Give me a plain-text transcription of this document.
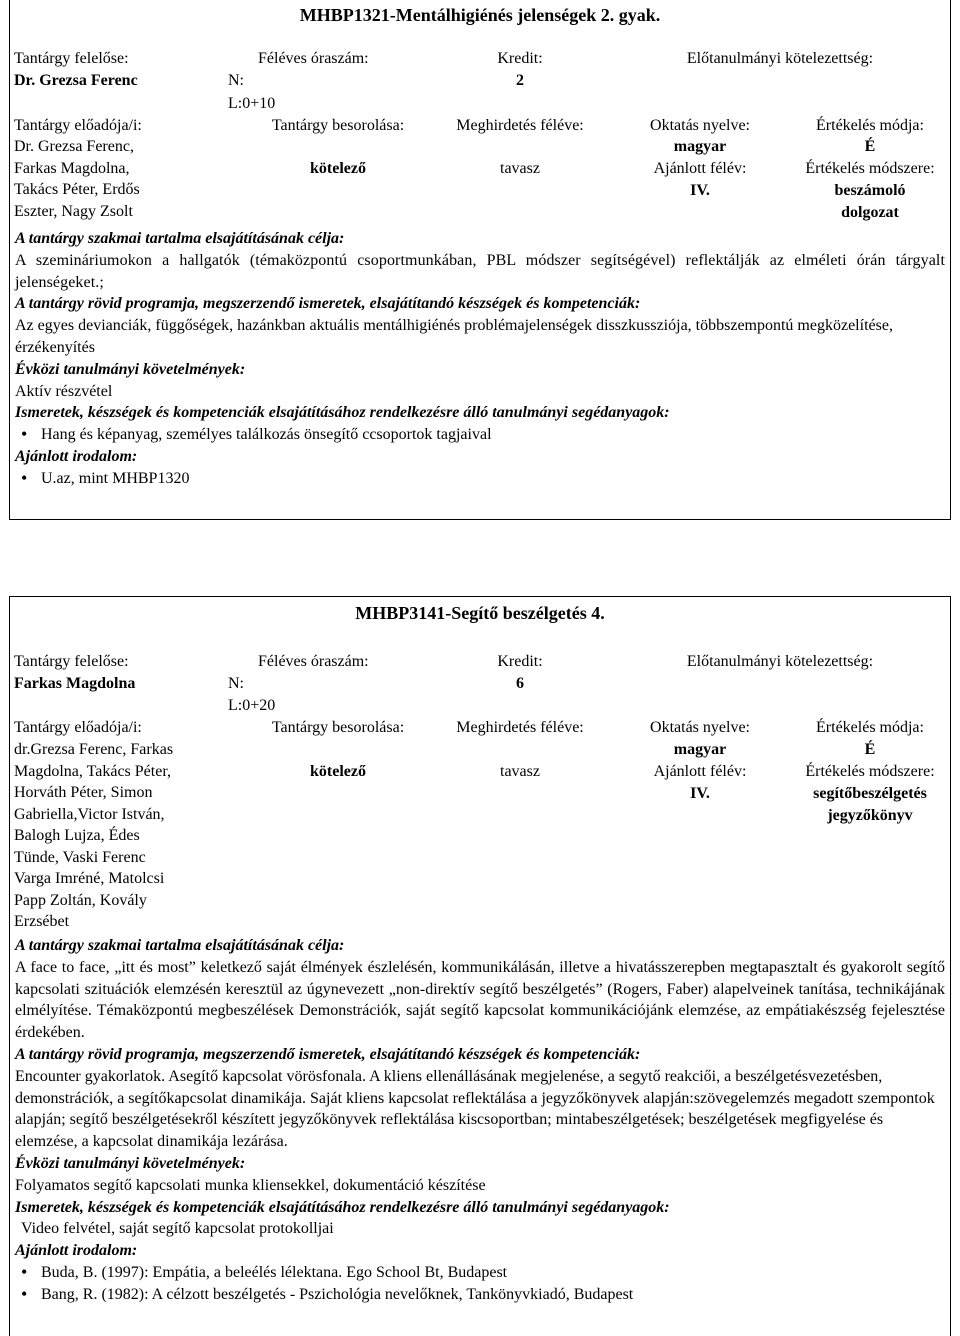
MHBP1321-Mentálhigiénés jelenségek 2. gyak.
Tantárgy felelőse:
Dr. Grezsa Ferenc
Tantárgy előadója/i:
Dr. Grezsa Ferenc,
Farkas Magdolna,
Takács Péter, Erdős
Eszter, Nagy Zsolt
Féléves óraszám:
N:
L:0+10
Tantárgy besorolása:
kötelező
Kredit:
2
Meghirdetés féléve:
tavasz
Előtanulmányi kötelezettség:
Oktatás nyelve:
magyar
Ajánlott félév:
IV.
Értékelés módja:
É
Értékelés módszere:
beszámoló
dolgozat
A tantárgy szakmai tartalma elsajátításának célja:
A szemináriumokon a hallgatók (témaközpontú csoportmunkában, PBL módszer segítségével) reflektálják az elméleti órán tárgyalt jelenségeket.;
A tantárgy rövid programja, megszerzendő ismeretek, elsajátítandó készségek és kompetenciák:
Az egyes devianciák, függőségek, hazánkban aktuális mentálhigiénés problémajelenségek disszkussziója, többszempontú megközelítése, érzékenyítés
Évközi tanulmányi követelmények:
Aktív részvétel
Ismeretek, készségek és kompetenciák elsajátításához rendelkezésre álló tanulmányi segédanyagok:
• Hang és képanyag, személyes találkozás önsegítő ccsoportok tagjaival
Ajánlott irodalom:
• U.az, mint MHBP1320
MHBP3141-Segítő beszélgetés 4.
Tantárgy felelőse:
Farkas Magdolna
Tantárgy előadója/i:
dr.Grezsa Ferenc, Farkas
Magdolna, Takács Péter,
Horváth Péter, Simon
Gabriella,Victor István,
Balogh Lujza, Édes
Tünde, Vaski Ferenc
Varga Imréné, Matolcsi
Papp Zoltán, Kovály
Erzsébet
Féléves óraszám:
N:
L:0+20
Tantárgy besorolása:
kötelező
Kredit:
6
Meghirdetés féléve:
tavasz
Előtanulmányi kötelezettség:
Oktatás nyelve:
magyar
Ajánlott félév:
IV.
Értékelés módja:
É
Értékelés módszere:
segítőbeszélgetés
jegyzőkönyv
A tantárgy szakmai tartalma elsajátításának célja:
A face to face, „itt és most” keletkező saját élmények észlelésén, kommunikálásán, illetve a hivatásszerepben megtapasztalt és gyakorolt segítő kapcsolati szituációk elemzésén keresztül az úgynevezett „non-direktív segítő beszélgetés” (Rogers, Faber) alapelveinek tanítása, technikájának elmélyítése. Témaközpontú megbeszélések Demonstrációk, saját segítő kapcsolat kommunikációjánk elemzése, az empátiakészség fejelesztése érdekében.
A tantárgy rövid programja, megszerzendő ismeretek, elsajátítandó készségek és kompetenciák:
Encounter gyakorlatok. Asegítő kapcsolat vörösfonala. A kliens ellenállásának megjelenése, a segytő reakciői, a beszélgetésvezetésben, demonstrációk, a segítőkapcsolat dinamikája. Saját kliens kapcsolat reflektálása a jegyzőkönyvek alapján:szövegelemzés megadott szempontok alapján; segítő beszélgetésekről készített jegyzőkönyvek reflektálása kiscsoportban; mintabeszélgetések; beszélgetések megfigyelése és elemzése, a kapcsolat dinamikája lezárása.
Évközi tanulmányi követelmények:
Folyamatos segítő kapcsolati munka kliensekkel, dokumentáció készítése
Ismeretek, készségek és kompetenciák elsajátításához rendelkezésre álló tanulmányi segédanyagok:
Video felvétel, saját segítő kapcsolat protokolljai
Ajánlott irodalom:
• Buda, B. (1997): Empátia, a beleélés lélektana. Ego School Bt, Budapest
• Bang, R. (1982): A célzott beszélgetés - Pszichológia nevelőknek, Tankönyvkiadó, Budapest
